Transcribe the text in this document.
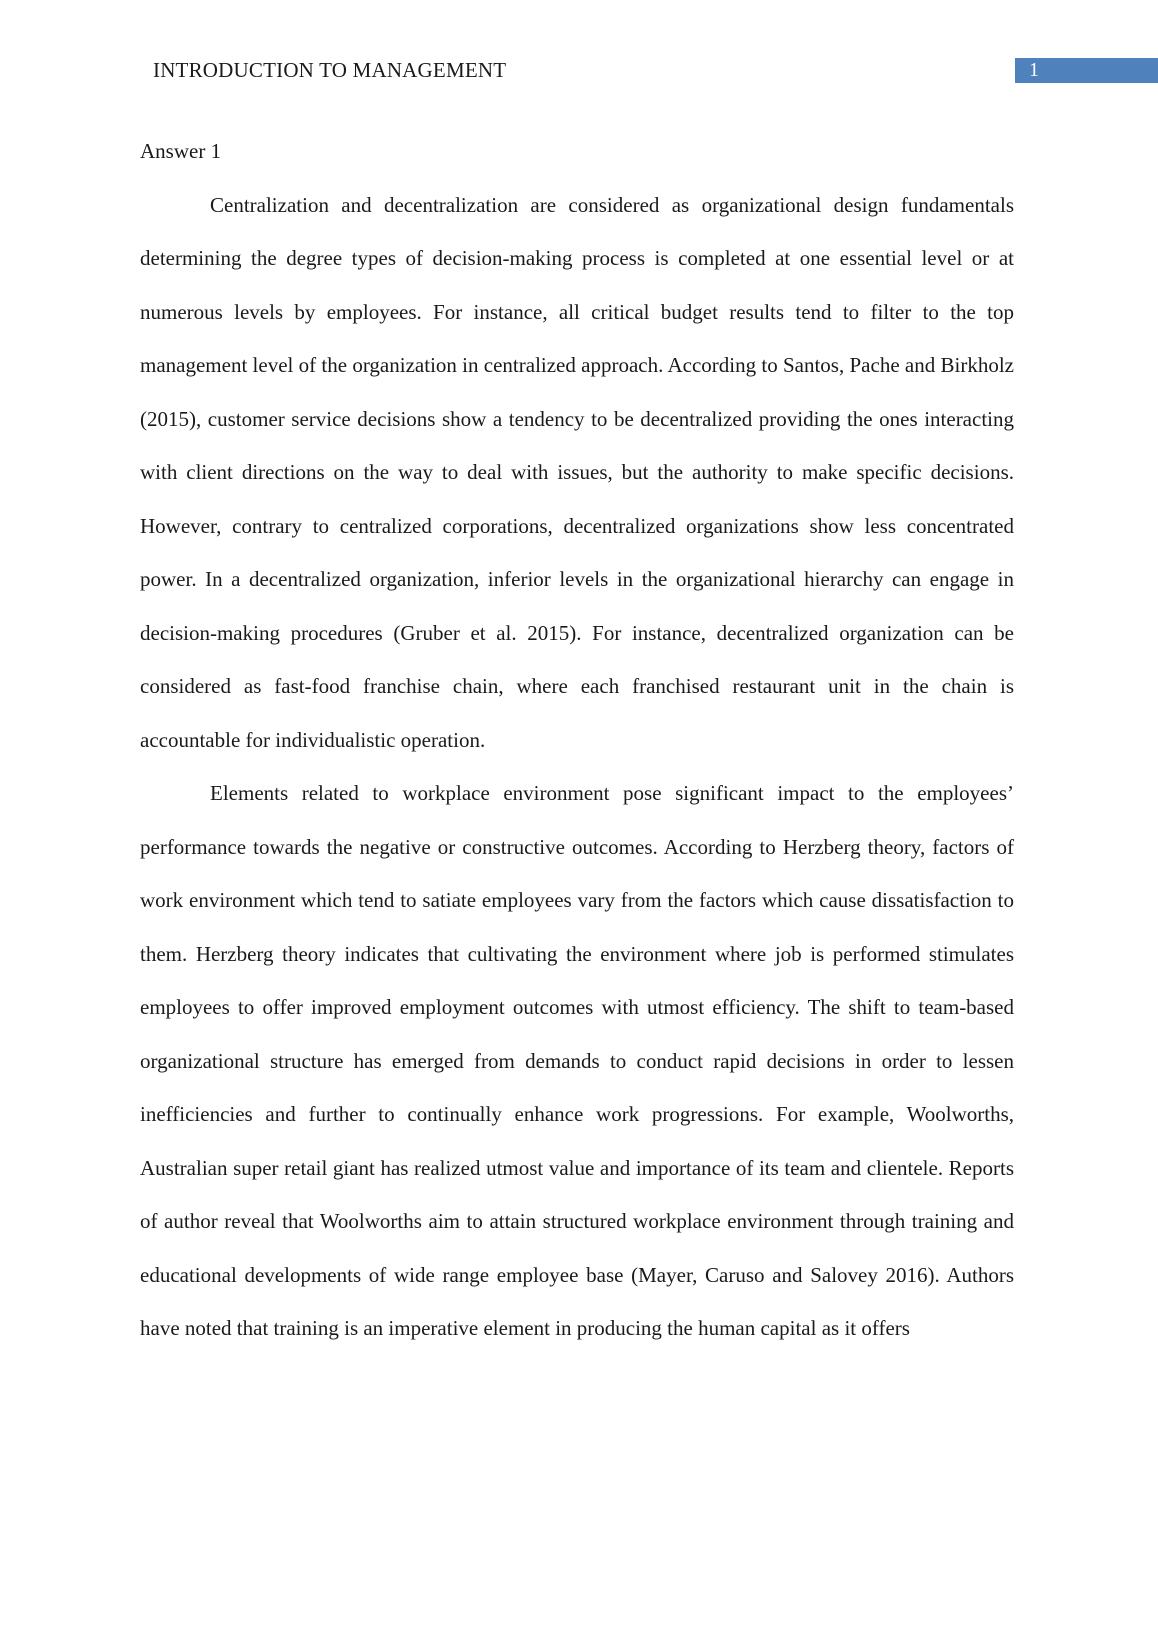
INTRODUCTION TO MANAGEMENT	1

Answer 1

Centralization and decentralization are considered as organizational design fundamentals determining the degree types of decision-making process is completed at one essential level or at numerous levels by employees. For instance, all critical budget results tend to filter to the top management level of the organization in centralized approach. According to Santos, Pache and Birkholz (2015), customer service decisions show a tendency to be decentralized providing the ones interacting with client directions on the way to deal with issues, but the authority to make specific decisions. However, contrary to centralized corporations, decentralized organizations show less concentrated power. In a decentralized organization, inferior levels in the organizational hierarchy can engage in decision-making procedures (Gruber et al. 2015). For instance, decentralized organization can be considered as fast-food franchise chain, where each franchised restaurant unit in the chain is accountable for individualistic operation.

Elements related to workplace environment pose significant impact to the employees’ performance towards the negative or constructive outcomes. According to Herzberg theory, factors of work environment which tend to satiate employees vary from the factors which cause dissatisfaction to them. Herzberg theory indicates that cultivating the environment where job is performed stimulates employees to offer improved employment outcomes with utmost efficiency. The shift to team-based organizational structure has emerged from demands to conduct rapid decisions in order to lessen inefficiencies and further to continually enhance work progressions. For example, Woolworths, Australian super retail giant has realized utmost value and importance of its team and clientele. Reports of author reveal that Woolworths aim to attain structured workplace environment through training and educational developments of wide range employee base (Mayer, Caruso and Salovey 2016). Authors have noted that training is an imperative element in producing the human capital as it offers
